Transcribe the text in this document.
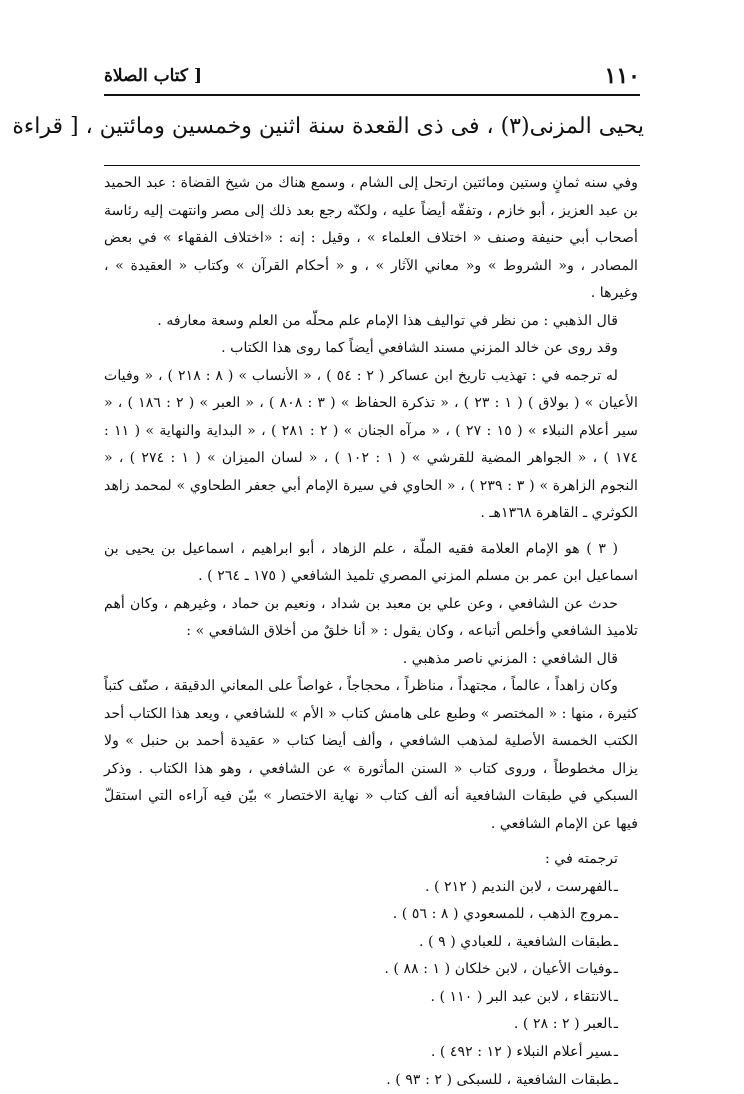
١١٠
[ كتاب الصلاة
يحيى المزنى(٣) ، فى ذى القعدة سنة اثنين وخمسين ومائتين ، [ قراءة

وفي سنه ثمانٍ وستين ومائتين ارتحل إلى الشام ، وسمع هناك من شيخ القضاة : عبد الحميد بن عبد العزيز ، أبو خازم ، وتفقّه أيضاً عليه ، ولكنّه رجع بعد ذلك إلى مصر وانتهت إليه رئاسة أصحاب أبي حنيفة وصنف « اختلاف العلماء » ، وقيل : إنه : «اختلاف الفقهاء » في بعض المصادر ، و« الشروط » و« معاني الآثار » ، و « أحكام القرآن » وكتاب « العقيدة » ، وغيرها .

قال الذهبي : من نظر في تواليف هذا الإمام علم محلّه من العلم وسعة معارفه .

وقد روى عن خالد المزني مسند الشافعي أيضاً كما روى هذا الكتاب .

له ترجمه في : تهذيب تاريخ ابن عساكر ( ٢ : ٥٤ ) ، « الأنساب » ( ٨ : ٢١٨ ) ، « وفيات الأعيان » ( بولاق ) ( ١ : ٢٣ ) ، « تذكرة الحفاظ » ( ٣ : ٨٠٨ ) ، « العبر » ( ٢ : ١٨٦ ) ، « سير أعلام النبلاء » ( ١٥ : ٢٧ ) ، « مرآه الجنان » ( ٢ : ٢٨١ ) ، « البداية والنهاية » ( ١١ : ١٧٤ ) ، « الجواهر المضية للقرشي » ( ١ : ١٠٢ ) ، « لسان الميزان » ( ١ : ٢٧٤ ) ، « النجوم الزاهرة » ( ٣ : ٢٣٩ ) ، « الحاوي في سيرة الإمام أبي جعفر الطحاوي » لمحمد زاهد الكوثري ـ القاهرة ١٣٦٨هـ .

( ٣ ) هو الإمام العلامة فقيه الملّة ، علم الزهاد ، أبو ابراهيم ، اسماعيل بن يحيى بن اسماعيل ابن عمر بن مسلم المزني المصري تلميذ الشافعي ( ١٧٥ ـ ٢٦٤ ) .

حدث عن الشافعي ، وعن علي بن معبد بن شداد ، ونعيم بن حماد ، وغيرهم ، وكان أهم تلاميذ الشافعي وأخلص أتباعه ، وكان يقول : « أنا خلقٌ من أخلاق الشافعي » :

قال الشافعي : المزني ناصر مذهبي .

وكان زاهداً ، عالماً ، مجتهداً ، مناظراً ، محجاجاً ، غواصاً على المعاني الدقيقة ، صنّف كتباً كثيرة ، منها : « المختصر » وطبع على هامش كتاب « الأم » للشافعي ، ويعد هذا الكتاب أحد الكتب الخمسة الأصلية لمذهب الشافعي ، وألف أيضا كتاب « عقيدة أحمد بن حنبل » ولا يزال مخطوطاً ، وروى كتاب « السنن المأثورة » عن الشافعي ، وهو هذا الكتاب . وذكر السبكي في طبقات الشافعية أنه ألف كتاب « نهاية الاختصار » بيّن فيه آراءه التي استقلّ فيها عن الإمام الشافعي .

ترجمته في :

ـ الفهرست ، لابن النديم ( ٢١٢ ) .
ـ مروج الذهب ، للمسعودي ( ٨ : ٥٦ ) .
ـ طبقات الشافعية ، للعبادي ( ٩ ) .
ـ وفيات الأعيان ، لابن خلكان ( ١ : ٨٨ ) .
ـ الانتقاء ، لابن عبد البر ( ١١٠ ) .
ـ العبر ( ٢ : ٢٨ ) .
ـ سير أعلام النبلاء ( ١٢ : ٤٩٢ ) .
ـ طبقات الشافعية ، للسبكى ( ٢ : ٩٣ ) .
